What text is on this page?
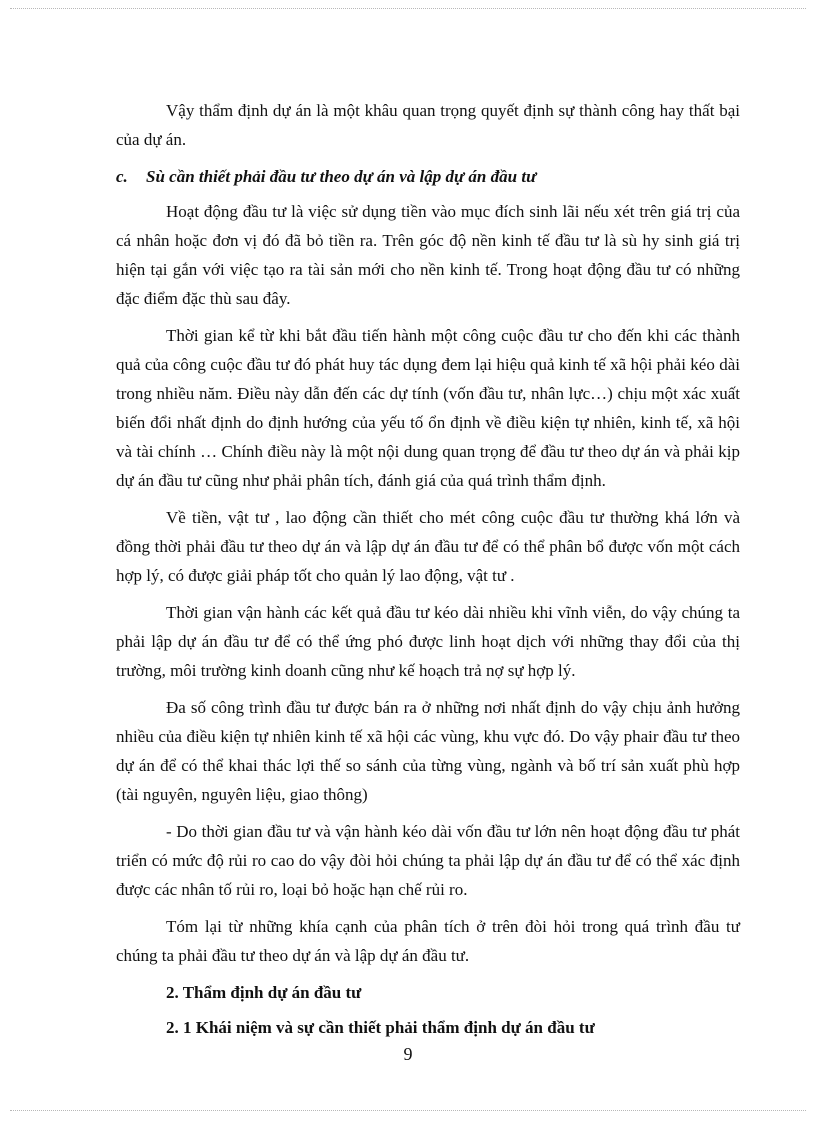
Vậy thẩm định dự án là một khâu quan trọng quyết định sự thành công hay thất bại của dự án.

c.	Sù cần thiết phải đầu tư theo dự án và lập dự án đầu tư

Hoạt động đầu tư là việc sử dụng tiền vào mục đích sinh lãi nếu xét trên giá trị của cá nhân hoặc đơn vị đó đã bỏ tiền ra. Trên góc độ nền kinh tế đầu tư là sù hy sinh giá trị hiện tại gắn với việc tạo ra tài sản mới cho nền kinh tế. Trong hoạt động đầu tư có những đặc điểm đặc thù sau đây.

Thời gian kể từ khi bắt đầu tiến hành một công cuộc đầu tư cho đến khi các thành quả của công cuộc đầu tư đó phát huy tác dụng đem lại hiệu quả kinh tế xã hội phải kéo dài trong nhiều năm. Điều này dẫn đến các dự tính (vốn đầu tư, nhân lực…) chịu một xác xuất biến đổi nhất định do định hướng của yếu tố ổn định về điều kiện tự nhiên, kinh tế, xã hội và tài chính … Chính điều này là một nội dung quan trọng để đầu tư theo dự án và phải kịp dự án đầu tư cũng như phải phân tích, đánh giá của quá trình thẩm định.

Về tiền, vật tư , lao động cần thiết cho mét công cuộc đầu tư thường khá lớn và đồng thời phải đầu tư theo dự án và lập dự án đầu tư để có thể phân bổ được vốn một cách hợp lý, có được giải pháp tốt cho quản lý lao động, vật tư .

Thời gian vận hành các kết quả đầu tư kéo dài nhiều khi vĩnh viễn, do vậy chúng ta phải lập dự án đầu tư để có thể ứng phó được linh hoạt dịch với những thay đổi của thị trường, môi trường kinh doanh cũng như kế hoạch trả nợ sự hợp lý.

Đa số công trình đầu tư được bán ra ở những nơi nhất định do vậy chịu ảnh hưởng nhiều của điều kiện tự nhiên kinh tế xã hội các vùng, khu vực đó. Do vậy phair đầu tư theo dự án để có thể khai thác lợi thế so sánh của từng vùng, ngành và bố trí sản xuất phù hợp (tài nguyên, nguyên liệu, giao thông)

- Do thời gian đầu tư và vận hành kéo dài vốn đầu tư lớn nên hoạt động đầu tư phát triển có mức độ rủi ro cao do vậy đòi hỏi chúng ta phải lập dự án đầu tư để có thể xác định được các nhân tố rủi ro, loại bỏ hoặc hạn chế rủi ro.

Tóm lại từ những khía cạnh của phân tích ở trên đòi hỏi trong quá trình đầu tư chúng ta phải đầu tư theo dự án và lập dự án đầu tư.

2. Thẩm định dự án đầu tư
2. 1 Khái niệm và sự cần thiết phải thẩm định dự án đầu tư
9
